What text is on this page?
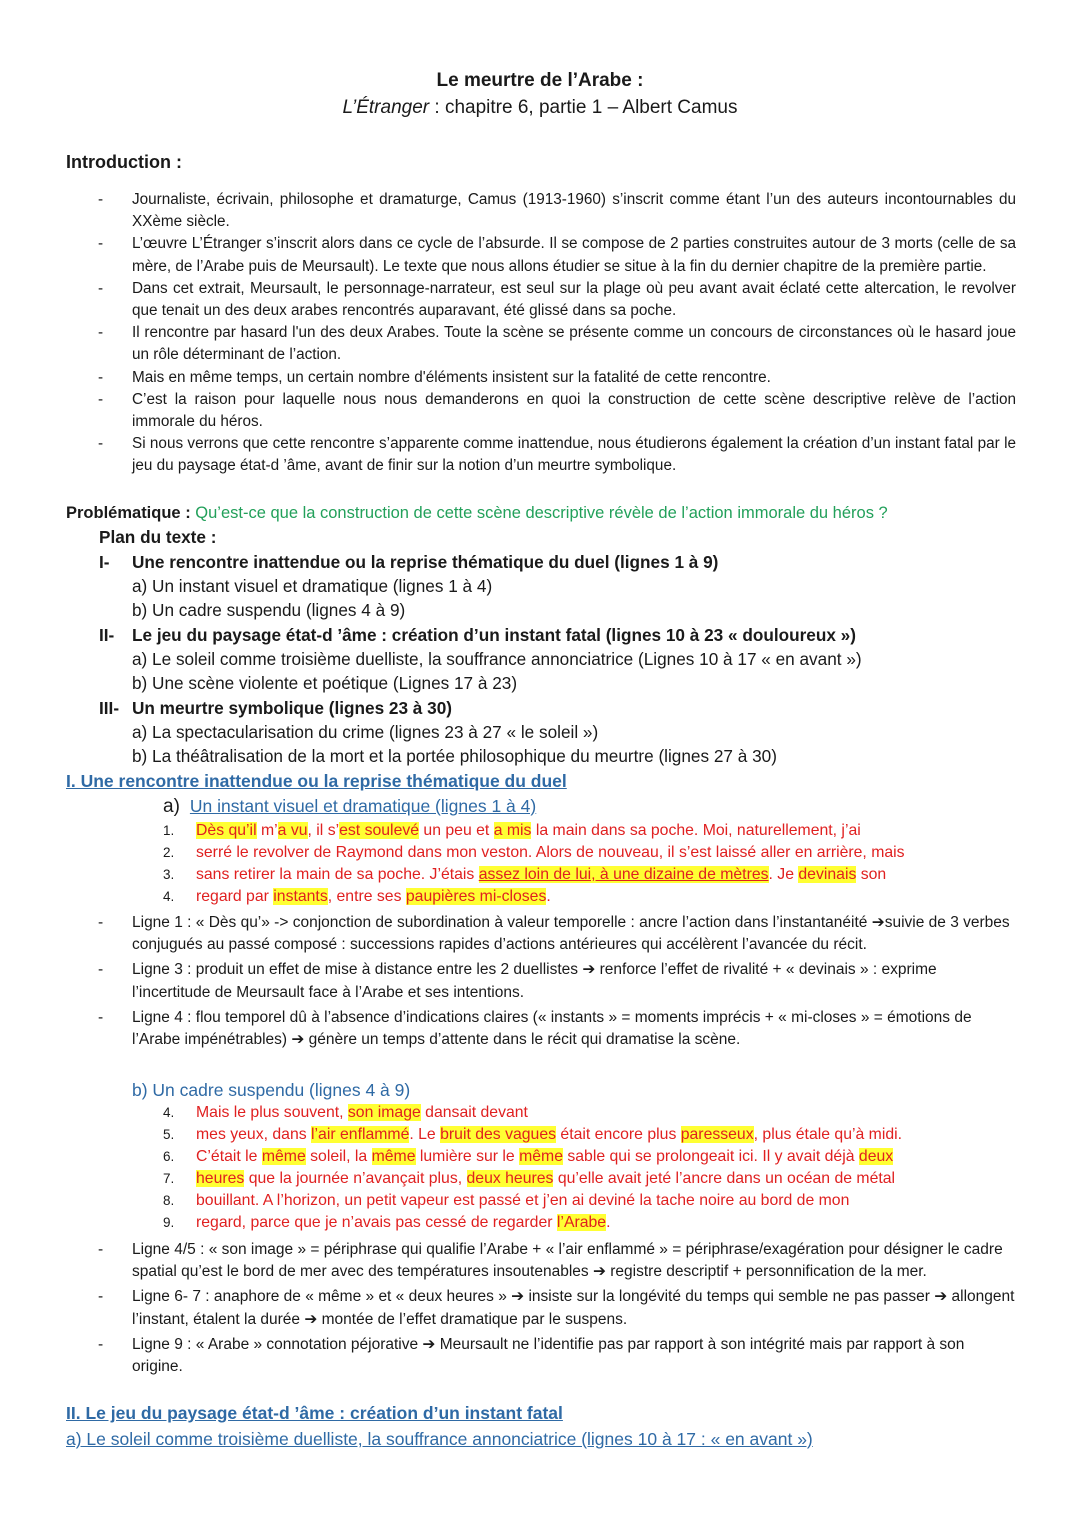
Le meurtre de l’Arabe :
L’Étranger : chapitre 6, partie 1 – Albert Camus
Introduction :
- Journaliste, écrivain, philosophe et dramaturge, Camus (1913-1960) s’inscrit comme étant l’un des auteurs incontournables du XXème siècle.
- L’œuvre L’Étranger s’inscrit alors dans ce cycle de l’absurde. Il se compose de 2 parties construites autour de 3 morts (celle de sa mère, de l’Arabe puis de Meursault). Le texte que nous allons étudier se situe à la fin du dernier chapitre de la première partie.
- Dans cet extrait, Meursault, le personnage-narrateur, est seul sur la plage où peu avant avait éclaté cette altercation, le revolver que tenait un des deux arabes rencontrés auparavant, été glissé dans sa poche.
- Il rencontre par hasard l'un des deux Arabes. Toute la scène se présente comme un concours de circonstances où le hasard joue un rôle déterminant de l’action.
- Mais en même temps, un certain nombre d'éléments insistent sur la fatalité de cette rencontre.
- C’est la raison pour laquelle nous nous demanderons en quoi la construction de cette scène descriptive relève de l’action immorale du héros.
- Si nous verrons que cette rencontre s’apparente comme inattendue, nous étudierons également la création d’un instant fatal par le jeu du paysage état-d ’âme, avant de finir sur la notion d’un meurtre symbolique.
Problématique : Qu’est-ce que la construction de cette scène descriptive révèle de l’action immorale du héros ?
Plan du texte :
I- Une rencontre inattendue ou la reprise thématique du duel (lignes 1 à 9)
a) Un instant visuel et dramatique (lignes 1 à 4)
b) Un cadre suspendu (lignes 4 à 9)
II- Le jeu du paysage état-d ’âme : création d’un instant fatal (lignes 10 à 23 « douloureux »)
a) Le soleil comme troisième duelliste, la souffrance annonciatrice (Lignes 10 à 17 « en avant »)
b) Une scène violente et poétique (Lignes 17 à 23)
III- Un meurtre symbolique (lignes 23 à 30)
a) La spectacularisation du crime (lignes 23 à 27 « le soleil »)
b) La théâtralisation de la mort et la portée philosophique du meurtre (lignes 27 à 30)
I. Une rencontre inattendue ou la reprise thématique du duel
a) Un instant visuel et dramatique (lignes 1 à 4)
1. Dès qu’il m’a vu, il s’est soulevé un peu et a mis la main dans sa poche. Moi, naturellement, j’ai
2. serré le revolver de Raymond dans mon veston. Alors de nouveau, il s’est laissé aller en arrière, mais
3. sans retirer la main de sa poche. J’étais assez loin de lui, à une dizaine de mètres. Je devinais son
4. regard par instants, entre ses paupières mi-closes.
- Ligne 1 : « Dès qu’» -> conjonction de subordination à valeur temporelle : ancre l’action dans l’instantanéité ➔suivie de 3 verbes conjugués au passé composé : successions rapides d’actions antérieures qui accélèrent l’avancée du récit.
- Ligne 3 : produit un effet de mise à distance entre les 2 duellistes ➔ renforce l’effet de rivalité + « devinais » : exprime l’incertitude de Meursault face à l’Arabe et ses intentions.
- Ligne 4 : flou temporel dû à l’absence d’indications claires (« instants » = moments imprécis + « mi-closes » = émotions de l’Arabe impénétrables) ➔ génère un temps d’attente dans le récit qui dramatise la scène.
b) Un cadre suspendu (lignes 4 à 9)
4. Mais le plus souvent, son image dansait devant
5. mes yeux, dans l’air enflammé. Le bruit des vagues était encore plus paresseux, plus étale qu’à midi.
6. C’était le même soleil, la même lumière sur le même sable qui se prolongeait ici. Il y avait déjà deux
7. heures que la journée n’avançait plus, deux heures qu’elle avait jeté l’ancre dans un océan de métal
8. bouillant. A l’horizon, un petit vapeur est passé et j’en ai deviné la tache noire au bord de mon
9. regard, parce que je n’avais pas cessé de regarder l’Arabe.
- Ligne 4/5 : « son image » = périphrase qui qualifie l’Arabe + « l’air enflammé » = périphrase/exagération pour désigner le cadre spatial qu’est le bord de mer avec des températures insoutenables ➔ registre descriptif + personnification de la mer.
- Ligne 6- 7 : anaphore de « même » et « deux heures » ➔ insiste sur la longévité du temps qui semble ne pas passer ➔ allongent l’instant, étalent la durée ➔ montée de l’effet dramatique par le suspens.
- Ligne 9 : « Arabe » connotation péjorative ➔ Meursault ne l’identifie pas par rapport à son intégrité mais par rapport à son origine.
II. Le jeu du paysage état-d ’âme : création d’un instant fatal
a) Le soleil comme troisième duelliste, la souffrance annonciatrice (lignes 10 à 17 : « en avant »)
